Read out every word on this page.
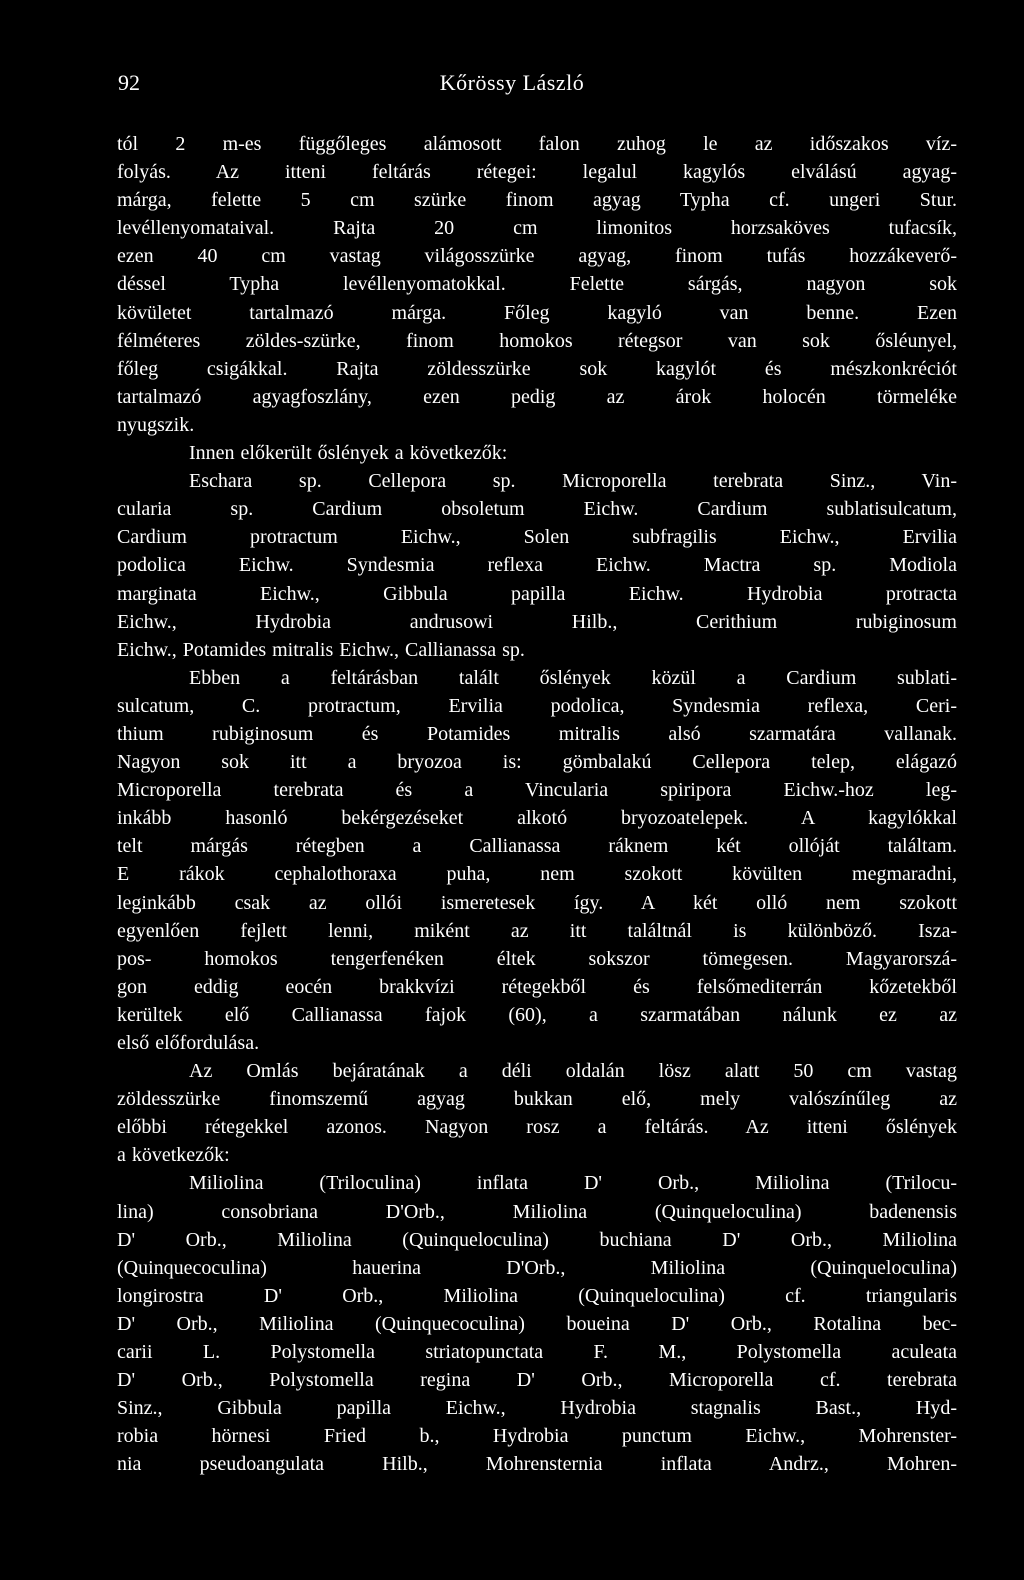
92	Kőrössy László
tól 2 m-es függőleges alámosott falon zuhog le az időszakos víz-
folyás. Az itteni feltárás rétegei: legalul kagylós elválású agyag-
márga, felette 5 cm szürke finom agyag Typha cf. ungeri Stur.
levéllenyomataival. Rajta 20 cm limonitos horzsaköves tufacsík,
ezen 40 cm vastag világosszürke agyag, finom tufás hozzákeverő-
déssel Typha levéllenyomatokkal. Felette sárgás, nagyon sok
kövületet tartalmazó márga. Főleg kagyló van benne. Ezen
félméteres zöldes-szürke, finom homokos rétegsor van sok ősléunyel,
főleg csigákkal. Rajta zöldesszürke sok kagylót és mészkonkréciót
tartalmazó agyagfoszlány, ezen pedig az árok holocén törmeléke
nyugszik.
Innen előkerült őslények a következők:
Eschara sp. Cellepora sp. Microporella terebrata Sinz., Vin-
cularia sp. Cardium obsoletum Eichw. Cardium sublatisulcatum,
Cardium protractum Eichw., Solen subfragilis Eichw., Ervilia
podolica Eichw. Syndesmia reflexa Eichw. Mactra sp. Modiola
marginata Eichw., Gibbula papilla Eichw. Hydrobia protracta
Eichw., Hydrobia andrusowi Hilb., Cerithium rubiginosum
Eichw., Potamides mitralis Eichw., Callianassa sp.
Ebben a feltárásban talált őslények közül a Cardium sublati-
sulcatum, C. protractum, Ervilia podolica, Syndesmia reflexa, Ceri-
thium rubiginosum és Potamides mitralis alsó szarmatára vallanak.
Nagyon sok itt a bryozoa is: gömbalakú Cellepora telep, elágazó
Microporella terebrata és a Vincularia spiripora Eichw.-hoz leg-
inkább hasonló bekérgezéseket alkotó bryozoatelepek. A kagylókkal
telt márgás rétegben a Callianassa ráknem két ollóját találtam.
E rákok cephalothoraxa puha, nem szokott kövülten megmaradni,
leginkább csak az ollói ismeretesek így. A két olló nem szokott
egyenlően fejlett lenni, miként az itt találtnál is különböző. Isza-
pos- homokos tengerfenéken éltek sokszor tömegesen. Magyarorszá-
gon eddig eocén brakkvízi rétegekből és felsőmediterrán kőzetekből
kerültek elő Callianassa fajok (60), a szarmatában nálunk ez az
első előfordulása.
Az Omlás bejáratának a déli oldalán lösz alatt 50 cm vastag
zöldesszürke finomszemű agyag bukkan elő, mely valószínűleg az
előbbi rétegekkel azonos. Nagyon rosz a feltárás. Az itteni őslények
a következők:
Miliolina (Triloculina) inflata D' Orb., Miliolina (Trilocu-
lina) consobriana D'Orb., Miliolina (Quinqueloculina) badenensis
D' Orb., Miliolina (Quinqueloculina) buchiana D' Orb., Miliolina
(Quinquecoculina) hauerina D'Orb., Miliolina (Quinqueloculina)
longirostra D' Orb., Miliolina (Quinqueloculina) cf. triangularis
D' Orb., Miliolina (Quinquecoculina) boueina D' Orb., Rotalina bec-
carii L. Polystomella striatopunctata F. M., Polystomella aculeata
D' Orb., Polystomella regina D' Orb., Microporella cf. terebrata
Sinz., Gibbula papilla Eichw., Hydrobia stagnalis Bast., Hyd-
robia hörnesi Fried b., Hydrobia punctum Eichw., Mohrenster-
nia pseudoangulata Hilb., Mohrensternia inflata Andrz., Mohren-
